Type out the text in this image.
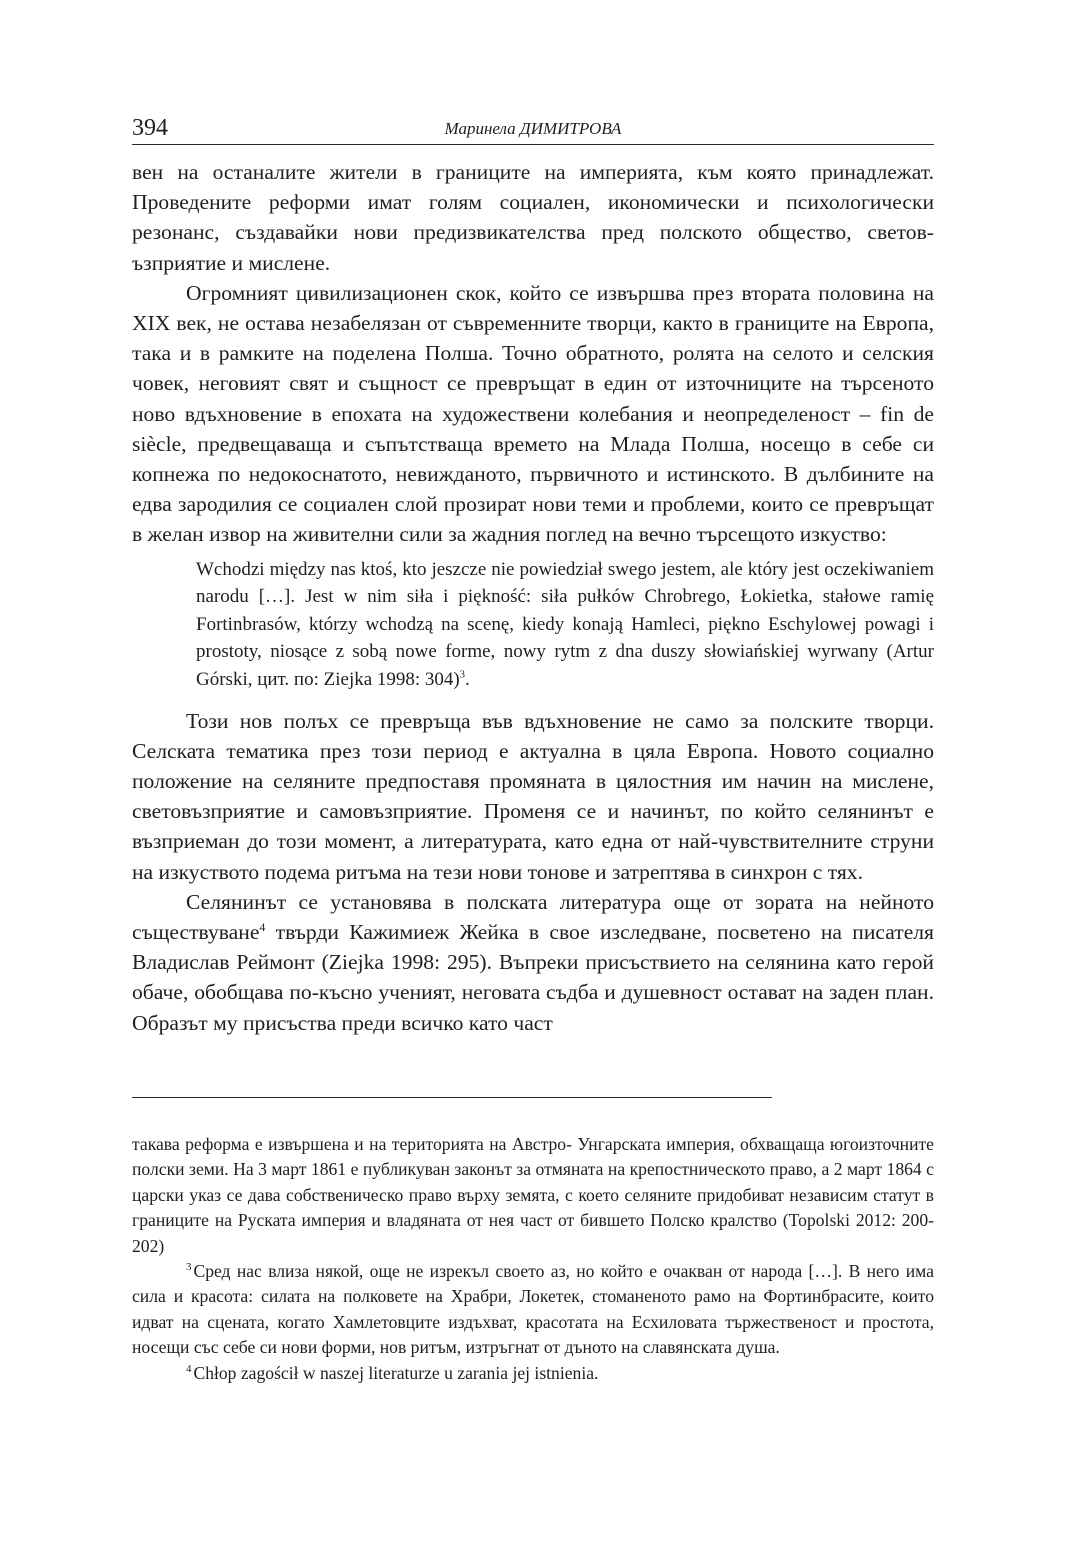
394	Маринела ДИМИТРОВА

вен на останалите жители в границите на империята, към която принадлежат. Проведените реформи имат голям социален, икономически и психологически резонанс, създавайки нови предизвикателства пред полското общество, световъзприятие и мислене.

Огромният цивилизационен скок, който се извършва през втората половина на XIX век, не остава незабелязан от съвременните творци, както в границите на Европа, така и в рамките на поделена Полша. Точно обратното, ролята на селото и селския човек, неговият свят и същност се превръщат в един от източниците на търсеното ново вдъхновение в епохата на художествени колебания и неопределеност – fin de siècle, предвещаваща и съпътстваща времето на Млада Полша, носещо в себе си копнежа по недокоснатото, невижданото, първичното и истинското. В дълбините на едва зародилия се социален слой прозират нови теми и проблеми, които се превръщат в желан извор на живителни сили за жадния поглед на вечно търсещото изкуство:

Wchodzi między nas ktoś, kto jeszcze nie powiedział swego jestem, ale który jest oczekiwaniem narodu […]. Jest w nim siła i piękność: siła pułków Chrobrego, Łokietka, stałowe ramię Fortinbrasów, którzy wchodzą na scenę, kiedy konają Hamleci, piękno Eschylowej powagi i prostoty, niosące z sobą nowe forme, nowy rytm z dna duszy słowiańskiej wyrwany (Artur Górski, цит. по: Ziejka 1998: 304)$^3$.

Този нов полъх се превръща във вдъхновение не само за полските творци. Селската тематика през този период е актуална в цяла Европа. Новото социално положение на селяните предпоставя промяната в цялостния им начин на мислене, световъзприятие и самовъзприятие. Променя се и начинът, по който селянинът е възприеман до този момент, а литературата, като една от най-чувствителните струни на изкуството подема ритъма на тези нови тонове и затрептява в синхрон с тях.

Селянинът се установява в полската литература още от зората на нейното съществуване$^4$ твърди Кажимиеж Жейка в свое изследване, посветено на писателя Владислав Реймонт (Ziejka 1998: 295). Въпреки присъствието на селянина като герой обаче, обобщава по-късно ученият, неговата съдба и душевност остават на заден план. Образът му присъства преди всичко като част

такава реформа е извършена и на територията на Австро- Унгарската империя, обхващаща югоизточните полски земи. На 3 март 1861 е публикуван законът за отмяната на крепостническото право, а 2 март 1864 с царски указ се дава собственическо право върху земята, с което селяните придобиват независим статут в границите на Руската империя и владяната от нея част от бившето Полско кралство (Topolski 2012: 200-202)

$^3$ Сред нас влиза някой, още не изрекъл своето аз, но който е очакван от народа […]. В него има сила и красота: силата на полковете на Храбри, Локетек, стоманеното рамо на Фортинбрасите, които идват на сцената, когато Хамлетовците издъхват, красотата на Есхиловата тържественост и простота, носещи със себе си нови форми, нов ритъм, изтръгнат от дъното на славянската душа.

$^4$ Chłop zagościł w naszej literaturze u zarania jej istnienia.
